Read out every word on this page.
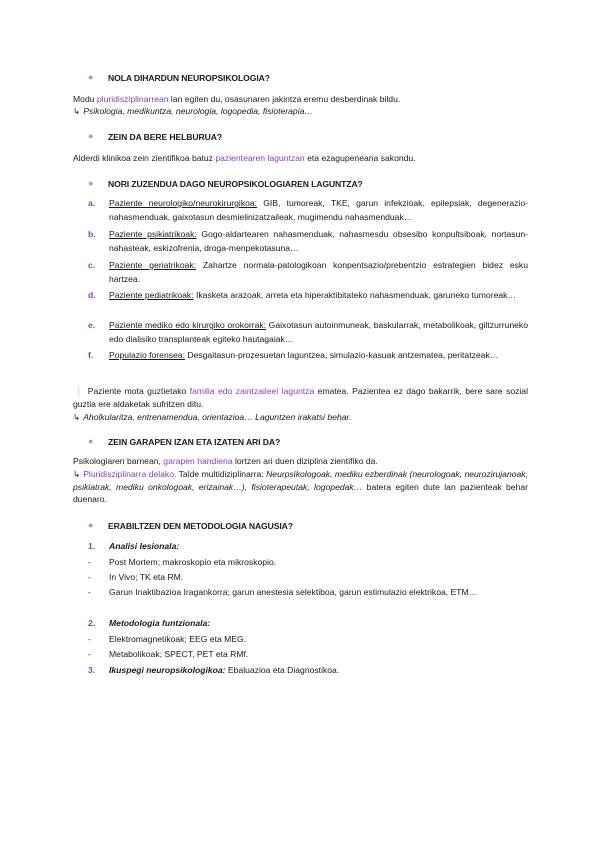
● NOLA DIHARDUN NEUROPSIKOLOGIA?
Modu pluridisziplinarrean lan egiten du, osasunaren jakintza eremu desberdinak bildu.
↳ Psikologia, medikuntza, neurologia, logopedia, fisioterapia…
● ZEIN DA BERE HELBURUA?
Alderdi klinikoa zein zientifikoa batuz pazientearen laguntzan eta ezagupeneana sakondu.
● NORI ZUZENDUA DAGO NEUROPSIKOLOGIAREN LAGUNTZA?
a. Paziente neurologiko/neurokirurgikoa: GIB, tumoreak, TKE, garun infekzioak, epilepsiak, degenerazio-nahasmenduak, gaixotasun desmielinizatzaileak, mugimendu nahasmenduak…
b. Paziente psikiatrikoak: Gogo-aldartearen nahasmenduak, nahasmesdu obsesibo konpultsiboak, nortasun-nahasteak, eskizofrenia, droga-menpekotasuna…
c. Paziente geriatrikoak: Zahartze normala-patologikoan konpentsazio/prebentzio estrategien bidez esku hartzea.
d. Paziente pediatrikoak: Ikasketa arazoak, arreta eta hiperaktibitateko nahasmenduak, garuneko tumoreak…
e. Paziente mediko edo kirurgiko orokorrak: Gaixotasun autoinmuneak, baskularrak, metabolikoak, giltzurruneko edo dialisiko transplanteak egiteko hautagaiak…
f. Populazio forensea: Desgaitasun-prozesuetan laguntzea, simulazio-kasuak antzematea, peritatzeak…
❕ Paziente mota guztietako familia edo zaintzaileei laguntza ematea. Pazientea ez dago bakarrik, bere sare sozial guztia ere aldaketak sufritzen ditu.
↳ Aholkularitza, entrenamendua, orientazioa… Laguntzen irakatsi behar.
● ZEIN GARAPEN IZAN ETA IZATEN ARI DA?
Psikologiaren barnean, garapen handiena lortzen ari duen diziplina zientifiko da.
↳ Pluridisziplinarra delako. Talde multidiziplinarra: Neurpsikologoak, mediku ezberdinak (neurologoak, neurozirujanoak, psikiatrak, mediku onkologoak, erizainak…), fisioterapeutak, logopedak… batera egiten dute lan pazienteak behar duenaro.
● ERABILTZEN DEN METODOLOGIA NAGUSIA?
1. Analisi lesionala:
- Post Mortem; makroskopio eta mikroskopio.
- In Vivo; TK eta RM.
- Garun Inaktibazioa Iragankorra; garun anestesia selektiboa, garun estimulazio elektrikoa, ETM…
2. Metodologia funtzionala:
- Elektromagnetikoak; EEG eta MEG.
- Metabolikoak; SPECT, PET eta RMf.
3. Ikuspegi neuropsikologikoa: Ebaluazioa eta Diagnostikoa.
